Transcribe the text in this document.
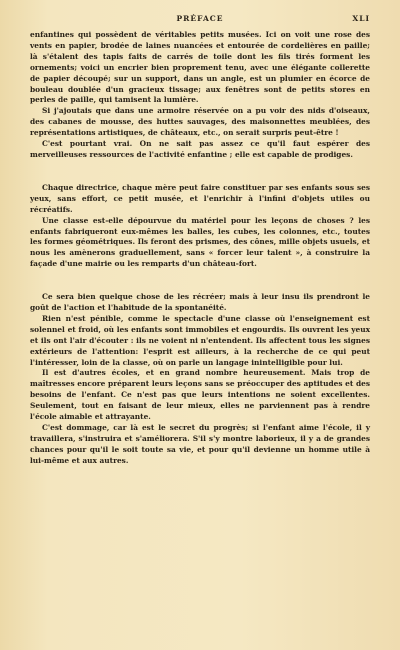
PRÉFACE	XLI

enfantines qui possèdent de véritables petits musées. Ici on voit une rose des vents en papier, brodée de laines nuancées et entourée de cordelières en paille; là s'étalent des tapis faits de carrés de toile dont les fils tirés forment les ornements; voici un encrier bien proprement tenu, avec une élégante collerette de papier découpé; sur un support, dans un angle, est un plumier en écorce de bouleau doublée d'un gracieux tissage; aux fenêtres sont de petits stores en perles de paille, qui tamisent la lumière.

Si j'ajoutais que dans une armoire réservée on a pu voir des nids d'oiseaux, des cabanes de mousse, des huttes sauvages, des maisonnettes meublées, des représentations artistiques, de châteaux, etc., on serait surpris peut-être !

C'est pourtant vrai. On ne sait pas assez ce qu'il faut espérer des merveilleuses ressources de l'activité enfantine ; elle est capable de prodiges.

Chaque directrice, chaque mère peut faire constituer par ses enfants sous ses yeux, sans effort, ce petit musée, et l'enrichir à l'infini d'objets utiles ou récréatifs.

Une classe est-elle dépourvue du matériel pour les leçons de choses ? les enfants fabriqueront eux-mêmes les balles, les cubes, les colonnes, etc., toutes les formes géométriques. Ils feront des prismes, des cônes, mille objets usuels, et nous les amènerons graduellement, sans « forcer leur talent », à construire la façade d'une mairie ou les remparts d'un château-fort.

Ce sera bien quelque chose de les récréer; mais à leur insu ils prendront le goût de l'action et l'habitude de la spontanéité.

Rien n'est pénible, comme le spectacle d'une classe où l'enseignement est solennel et froid, où les enfants sont immobiles et engourdis. Ils ouvrent les yeux et ils ont l'air d'écouter : ils ne voient ni n'entendent. Ils affectent tous les signes extérieurs de l'attention: l'esprit est ailleurs, à la recherche de ce qui peut l'intéresser, loin de la classe, où on parle un langage inintelligible pour lui.

Il est d'autres écoles, et en grand nombre heureusement. Mais trop de maîtresses encore préparent leurs leçons sans se préoccuper des aptitudes et des besoins de l'enfant. Ce n'est pas que leurs intentions ne soient excellentes. Seulement, tout en faisant de leur mieux, elles ne parviennent pas à rendre l'école aimable et attrayante.

C'est dommage, car là est le secret du progrès; si l'enfant aime l'école, il y travaillera, s'instruira et s'améliorera. S'il s'y montre laborieux, il y a de grandes chances pour qu'il le soit toute sa vie, et pour qu'il devienne un homme utile à lui-même et aux autres.
